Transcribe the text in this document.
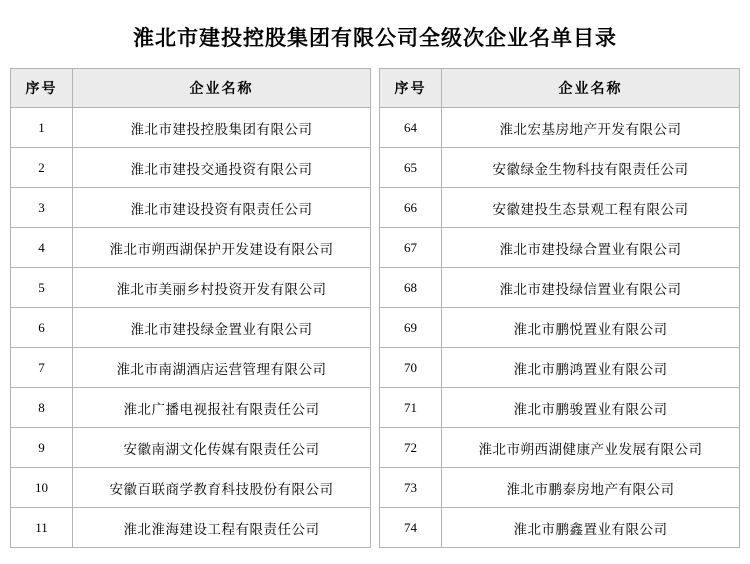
淮北市建投控股集团有限公司全级次企业名单目录
序号	企业名称
1	淮北市建投控股集团有限公司
2	淮北市建投交通投资有限公司
3	淮北市建设投资有限责任公司
4	淮北市朔西湖保护开发建设有限公司
5	淮北市美丽乡村投资开发有限公司
6	淮北市建投绿金置业有限公司
7	淮北市南湖酒店运营管理有限公司
8	淮北广播电视报社有限责任公司
9	安徽南湖文化传媒有限责任公司
10	安徽百联商学教育科技股份有限公司
11	淮北淮海建设工程有限责任公司
序号	企业名称
64	淮北宏基房地产开发有限公司
65	安徽绿金生物科技有限责任公司
66	安徽建投生态景观工程有限公司
67	淮北市建投绿合置业有限公司
68	淮北市建投绿信置业有限公司
69	淮北市鹏悦置业有限公司
70	淮北市鹏鸿置业有限公司
71	淮北市鹏骏置业有限公司
72	淮北市朔西湖健康产业发展有限公司
73	淮北市鹏泰房地产有限公司
74	淮北市鹏鑫置业有限公司
